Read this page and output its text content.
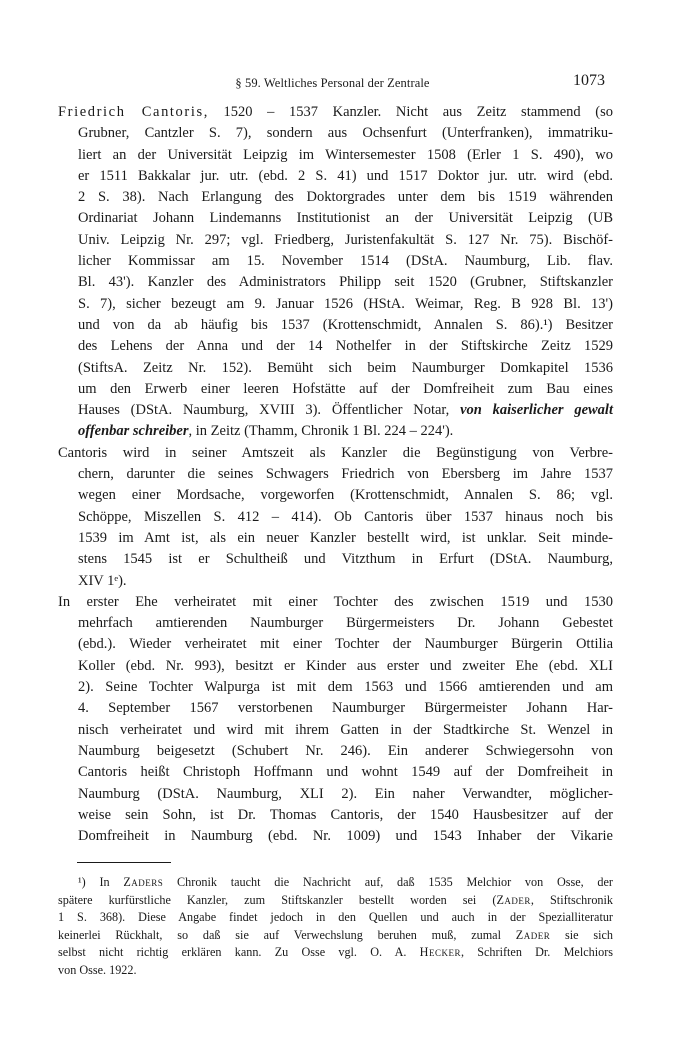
§ 59. Weltliches Personal der Zentrale	1073
Friedrich Cantoris, 1520 – 1537 Kanzler. Nicht aus Zeitz stammend (so
Grubner, Cantzler S. 7), sondern aus Ochsenfurt (Unterfranken), immatriku-
liert an der Universität Leipzig im Wintersemester 1508 (Erler 1 S. 490), wo
er 1511 Bakkalar jur. utr. (ebd. 2 S. 41) und 1517 Doktor jur. utr. wird (ebd.
2 S. 38). Nach Erlangung des Doktorgrades unter dem bis 1519 währenden
Ordinariat Johann Lindemanns Institutionist an der Universität Leipzig (UB
Univ. Leipzig Nr. 297; vgl. Friedberg, Juristenfakultät S. 127 Nr. 75). Bischöf-
licher Kommissar am 15. November 1514 (DStA. Naumburg, Lib. flav.
Bl. 43'). Kanzler des Administrators Philipp seit 1520 (Grubner, Stiftskanzler
S. 7), sicher bezeugt am 9. Januar 1526 (HStA. Weimar, Reg. B 928 Bl. 13')
und von da ab häufig bis 1537 (Krottenschmidt, Annalen S. 86).¹) Besitzer
des Lehens der Anna und der 14 Nothelfer in der Stiftskirche Zeitz 1529
(StiftsA. Zeitz Nr. 152). Bemüht sich beim Naumburger Domkapitel 1536
um den Erwerb einer leeren Hofstätte auf der Domfreiheit zum Bau eines
Hauses (DStA. Naumburg, XVIII 3). Öffentlicher Notar, von kaiserlicher gewalt
offenbar schreiber, in Zeitz (Thamm, Chronik 1 Bl. 224 – 224').
Cantoris wird in seiner Amtszeit als Kanzler die Begünstigung von Verbre-
chern, darunter die seines Schwagers Friedrich von Ebersberg im Jahre 1537
wegen einer Mordsache, vorgeworfen (Krottenschmidt, Annalen S. 86; vgl.
Schöppe, Miszellen S. 412 – 414). Ob Cantoris über 1537 hinaus noch bis
1539 im Amt ist, als ein neuer Kanzler bestellt wird, ist unklar. Seit minde-
stens 1545 ist er Schultheiß und Vitzthum in Erfurt (DStA. Naumburg,
XIV 1ᵉ).
In erster Ehe verheiratet mit einer Tochter des zwischen 1519 und 1530
mehrfach amtierenden Naumburger Bürgermeisters Dr. Johann Gebestet
(ebd.). Wieder verheiratet mit einer Tochter der Naumburger Bürgerin Ottilia
Koller (ebd. Nr. 993), besitzt er Kinder aus erster und zweiter Ehe (ebd. XLI
2). Seine Tochter Walpurga ist mit dem 1563 und 1566 amtierenden und am
4. September 1567 verstorbenen Naumburger Bürgermeister Johann Har-
nisch verheiratet und wird mit ihrem Gatten in der Stadtkirche St. Wenzel in
Naumburg beigesetzt (Schubert Nr. 246). Ein anderer Schwiegersohn von
Cantoris heißt Christoph Hoffmann und wohnt 1549 auf der Domfreiheit in
Naumburg (DStA. Naumburg, XLI 2). Ein naher Verwandter, möglicher-
weise sein Sohn, ist Dr. Thomas Cantoris, der 1540 Hausbesitzer auf der
Domfreiheit in Naumburg (ebd. Nr. 1009) und 1543 Inhaber der Vikarie
¹) In Zaders Chronik taucht die Nachricht auf, daß 1535 Melchior von Osse, der
spätere kurfürstliche Kanzler, zum Stiftskanzler bestellt worden sei (Zader, Stiftschronik
1 S. 368). Diese Angabe findet jedoch in den Quellen und auch in der Spezialliteratur
keinerlei Rückhalt, so daß sie auf Verwechslung beruhen muß, zumal Zader sie sich
selbst nicht richtig erklären kann. Zu Osse vgl. O. A. Hecker, Schriften Dr. Melchiors
von Osse. 1922.
